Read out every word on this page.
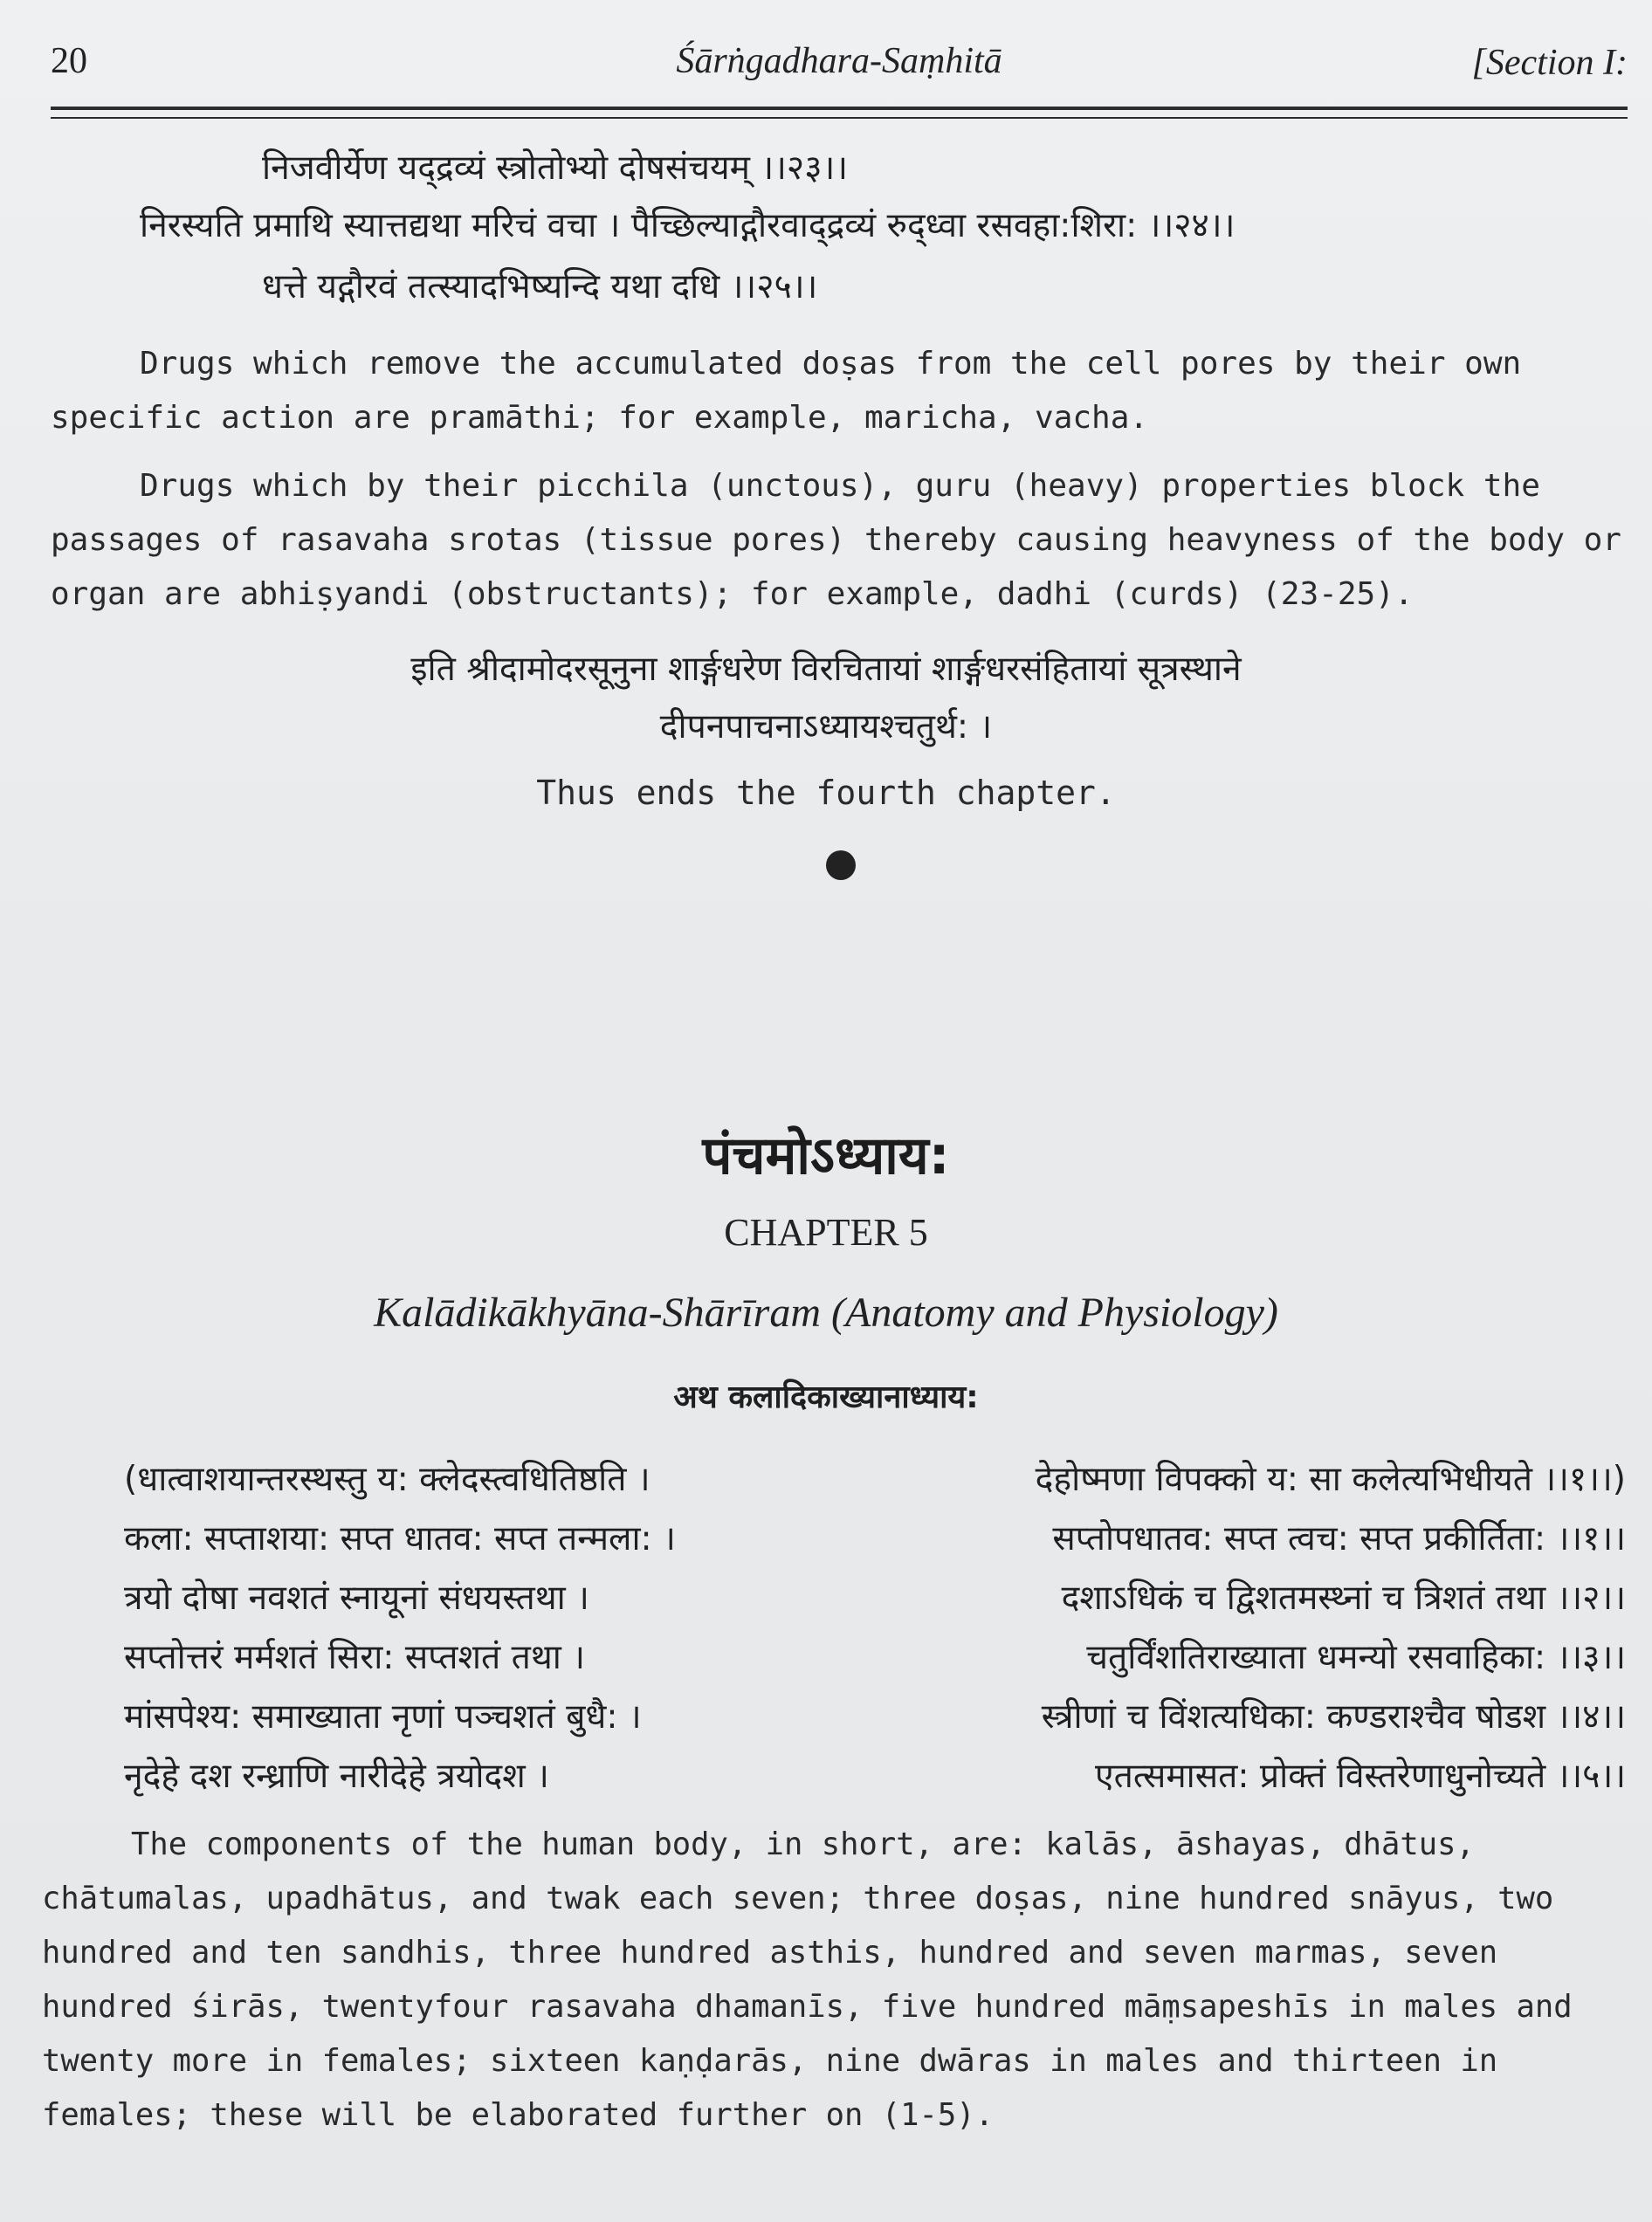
20	Śārṅgadhara-Saṃhitā	[Section I:
निजवीर्येण यद्द्रव्यं स्त्रोतोभ्यो दोषसंचयम् ।।२३।।
निरस्यति प्रमाथि स्यात्तद्यथा मरिचं वचा । पैच्छिल्याद्गौरवाद्द्रव्यं रुद्ध्वा रसवहा:शिरा: ।।२४।।
धत्ते यद्गौरवं तत्स्यादभिष्यन्दि यथा दधि ।।२५।।
Drugs which remove the accumulated doṣas from the cell pores by their own specific action are pramāthi; for example, maricha, vacha.
Drugs which by their picchila (unctous), guru (heavy) properties block the passages of rasavaha srotas (tissue pores) thereby causing heavyness of the body or organ are abhiṣyandi (obstructants); for example, dadhi (curds) (23-25).
इति श्रीदामोदरसूनुना शार्ङ्गधरेण विरचितायां शार्ङ्गधरसंहितायां सूत्रस्थाने
दीपनपाचनाऽध्यायश्चतुर्थ: ।
Thus ends the fourth chapter.
पंचमोऽध्याय:
CHAPTER 5
Kalādikākhyāna-Shārīram (Anatomy and Physiology)
अथ कलादिकाख्यानाध्याय:
(धात्वाशयान्तरस्थस्तु य: क्लेदस्त्वधितिष्ठति ।	देहोष्मणा विपक्को य: सा कलेत्यभिधीयते ।।१।।)
कला: सप्ताशया: सप्त धातव: सप्त तन्मला: ।	सप्तोपधातव: सप्त त्वच: सप्त प्रकीर्तिता: ।।१।।
त्रयो दोषा नवशतं स्नायूनां संधयस्तथा ।	दशाऽधिकं च द्विशतमस्थ्नां च त्रिशतं तथा ।।२।।
सप्तोत्तरं मर्मशतं सिरा: सप्तशतं तथा ।	चतुर्विंशतिराख्याता धमन्यो रसवाहिका: ।।३।।
मांसपेश्य: समाख्याता नृणां पञ्चशतं बुधै: ।	स्त्रीणां च विंशत्यधिका: कण्डराश्चैव षोडश ।।४।।
नृदेहे दश रन्ध्राणि नारीदेहे त्रयोदश ।	एतत्समासत: प्रोक्तं विस्तरेणाधुनोच्यते ।।५।।
The components of the human body, in short, are: kalās, āshayas, dhātus, chātumalas, upadhātus, and twak each seven; three doṣas, nine hundred snāyus, two hundred and ten sandhis, three hundred asthis, hundred and seven marmas, seven hundred śirās, twentyfour rasavaha dhamanīs, five hundred māṃsapeshīs in males and twenty more in females; sixteen kaṇḍarās, nine dwāras in males and thirteen in females; these will be elaborated further on (1-5).
